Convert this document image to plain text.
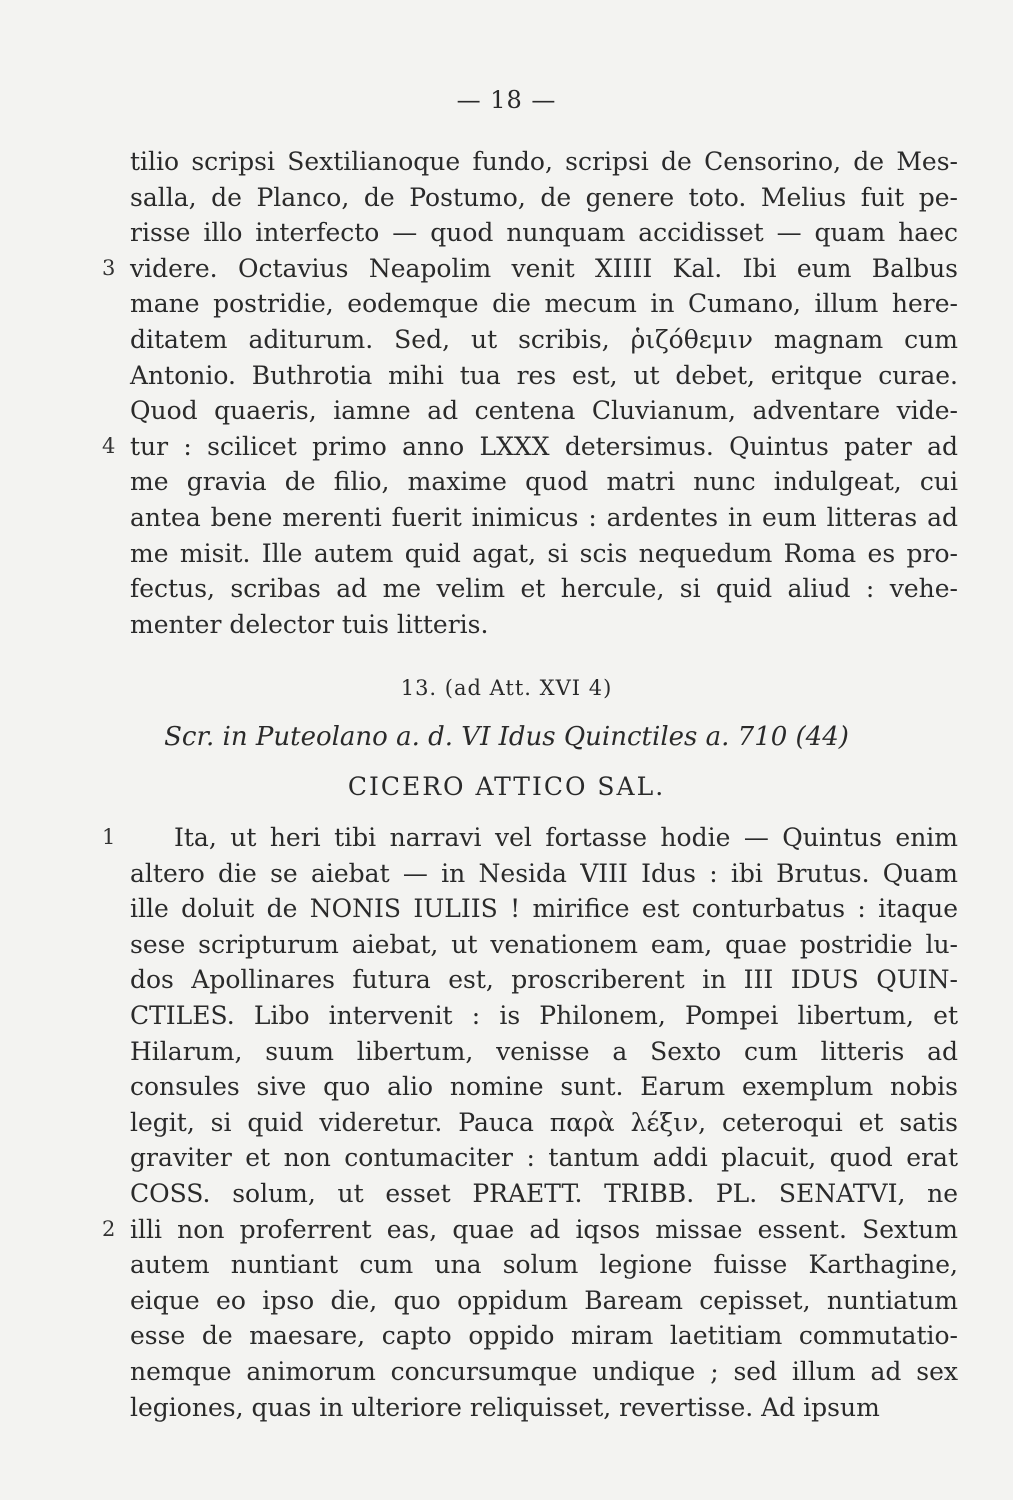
— 18 —
tilio scripsi Sextilianoque fundo, scripsi de Censorino, de Mes-
salla, de Planco, de Postumo, de genere toto. Melius fuit pe-
risse illo interfecto — quod nunquam accidisset — quam haec
videre. Octavius Neapolim venit XIIII Kal. Ibi eum Balbus
3
mane postridie, eodemque die mecum in Cumano, illum here-
ditatem aditurum. Sed, ut scribis, ῥιζόθεμιν magnam cum
Antonio. Buthrotia mihi tua res est, ut debet, eritque curae.
Quod quaeris, iamne ad centena Cluvianum, adventare vide-
tur : scilicet primo anno LXXX detersimus. Quintus pater ad
4
me gravia de filio, maxime quod matri nunc indulgeat, cui
antea bene merenti fuerit inimicus : ardentes in eum litteras ad
me misit. Ille autem quid agat, si scis nequedum Roma es pro-
fectus, scribas ad me velim et hercule, si quid aliud : vehe-
menter delector tuis litteris.
13. (ad Att. XVI 4)
Scr. in Puteolano a. d. VI Idus Quinctiles a. 710 (44)
CICERO ATTICO SAL.
Ita, ut heri tibi narravi vel fortasse hodie — Quintus enim
1
altero die se aiebat — in Nesida VIII Idus : ibi Brutus. Quam
ille doluit de NONIS IULIIS ! mirifice est conturbatus : itaque
sese scripturum aiebat, ut venationem eam, quae postridie lu-
dos Apollinares futura est, proscriberent in III IDUS QUIN-
CTILES. Libo intervenit : is Philonem, Pompei libertum, et
Hilarum, suum libertum, venisse a Sexto cum litteris ad
consules sive quo alio nomine sunt. Earum exemplum nobis
legit, si quid videretur. Pauca παρὰ λέξιν, ceteroqui et satis
graviter et non contumaciter : tantum addi placuit, quod erat
COSS. solum, ut esset PRAETT. TRIBB. PL. SENATVI, ne
illi non proferrent eas, quae ad iqsos missae essent. Sextum
2
autem nuntiant cum una solum legione fuisse Karthagine,
eique eo ipso die, quo oppidum Baream cepisset, nuntiatum
esse de maesare, capto oppido miram laetitiam commutatio-
nemque animorum concursumque undique ; sed illum ad sex
legiones, quas in ulteriore reliquisset, revertisse. Ad ipsum
